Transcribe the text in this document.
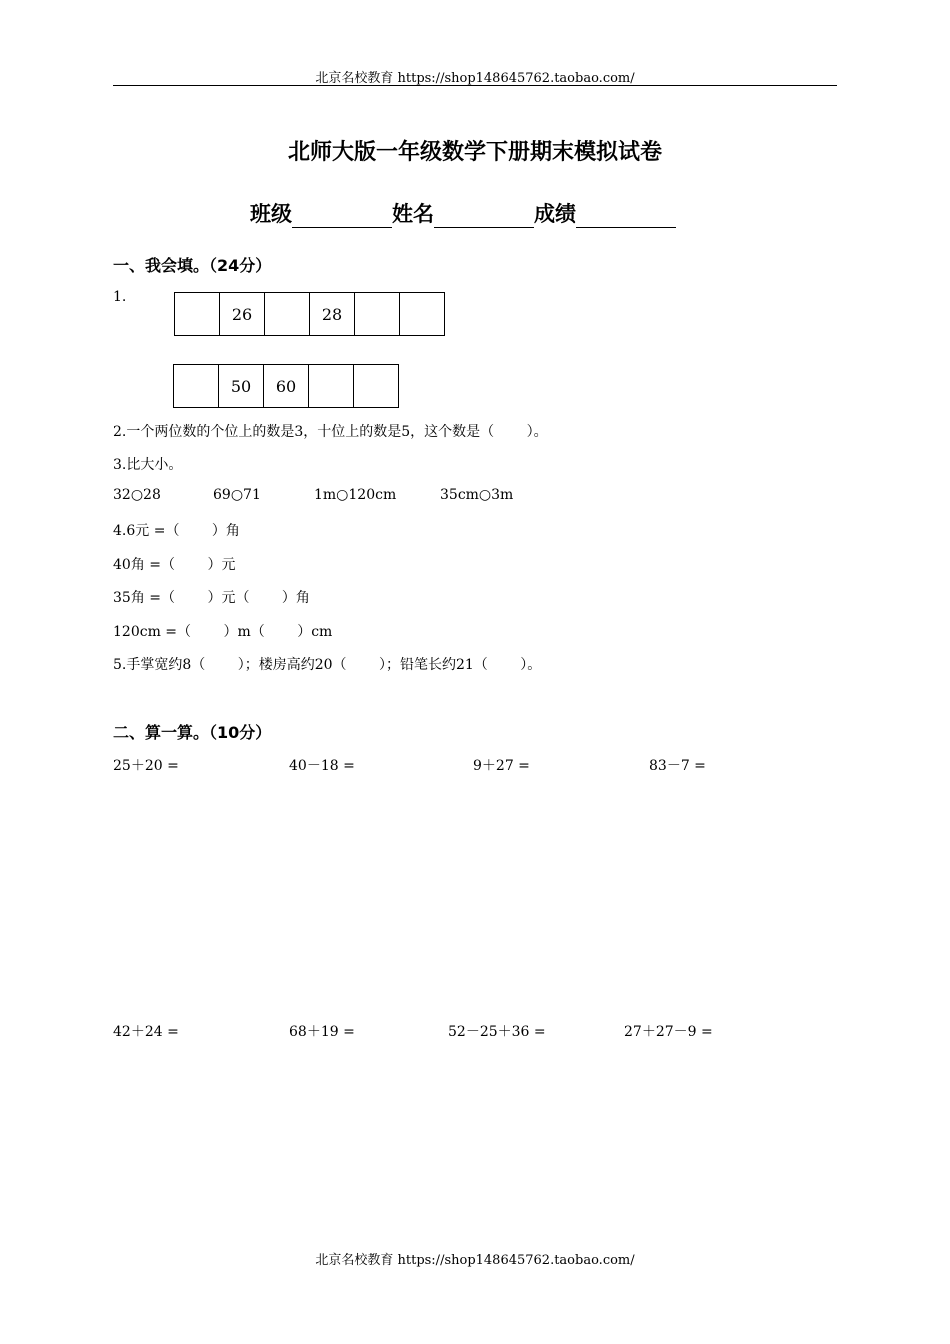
北京名校教育 https://shop148645762.taobao.com/
北师大版一年级数学下册期末模拟试卷
班级	姓名	成绩
一、我会填。（24分）
1.
	26		28		
	50	60		
2.一个两位数的个位上的数是3，十位上的数是5，这个数是（　　 ）。
3.比大小。
32○28	69○71	1m○120cm	35cm○3m
4.6元 =（　　 ）角
40角 =（　　 ）元
35角 =（　　 ）元（　　 ）角
120cm =（　　 ）m（　　 ）cm
5.手掌宽约8（　　 ）；楼房高约20（　　 ）；铅笔长约21（　　 ）。
二、算一算。（10分）
25＋20 =	40－18 =	9＋27 =	83－7 =
42＋24 =	68＋19 =	52－25＋36 =	27＋27－9 =
北京名校教育 https://shop148645762.taobao.com/
